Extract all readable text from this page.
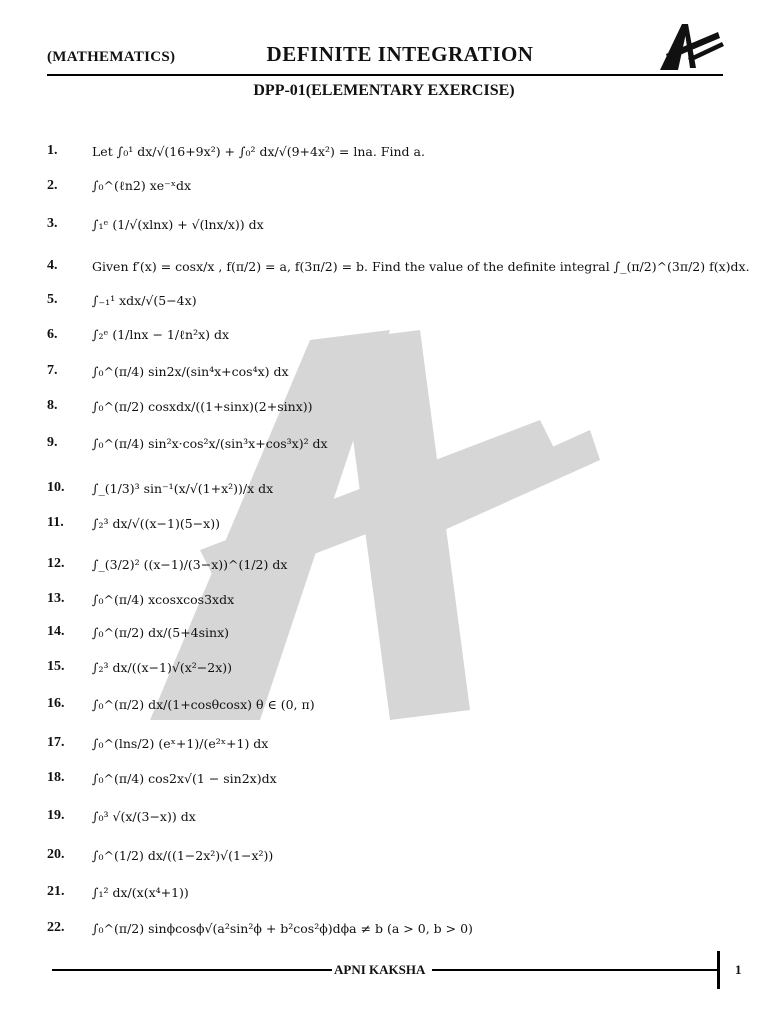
(MATHEMATICS)	DEFINITE INTEGRATION
DPP-01(ELEMENTARY EXERCISE)
1.	Let ∫₀¹ dx/√(16+9x²) + ∫₀² dx/√(9+4x²) = lna. Find a.
2.	∫₀^(ℓn2) xe⁻ˣdx
3.	∫₁ᵉ (1/√(xlnx) + √(lnx/x)) dx
4.	Given f′(x) = cosx/x , f(π/2) = a, f(3π/2) = b. Find the value of the definite integral ∫_(π/2)^(3π/2) f(x)dx.
5.	∫₋₁¹ xdx/√(5−4x)
6.	∫₂ᵉ (1/lnx − 1/ℓn²x) dx
7.	∫₀^(π/4) sin2x/(sin⁴x+cos⁴x) dx
8.	∫₀^(π/2) cosxdx/((1+sinx)(2+sinx))
9.	∫₀^(π/4) sin²x·cos²x/(sin³x+cos³x)² dx
10. ∫_(1/3)³ sin⁻¹(x/√(1+x²))/x dx
11. ∫₂³ dx/√((x−1)(5−x))
12. ∫_(3/2)² ((x−1)/(3−x))^(1/2) dx
13. ∫₀^(π/4) xcosxcos3xdx
14. ∫₀^(π/2) dx/(5+4sinx)
15. ∫₂³ dx/((x−1)√(x²−2x))
16. ∫₀^(π/2) dx/(1+cosθcosx) θ ∈ (0, π)
17. ∫₀^(lns/2) (eˣ+1)/(e²ˣ+1) dx
18. ∫₀^(π/4) cos2x√(1 − sin2x)dx
19. ∫₀³ √(x/(3−x)) dx
20. ∫₀^(1/2) dx/((1−2x²)√(1−x²))
21. ∫₁² dx/(x(x⁴+1))
22. ∫₀^(π/2) sinϕcosϕ√(a²sin²ϕ + b²cos²ϕ)dϕa ≠ b (a > 0, b > 0)
APNI KAKSHA	1
